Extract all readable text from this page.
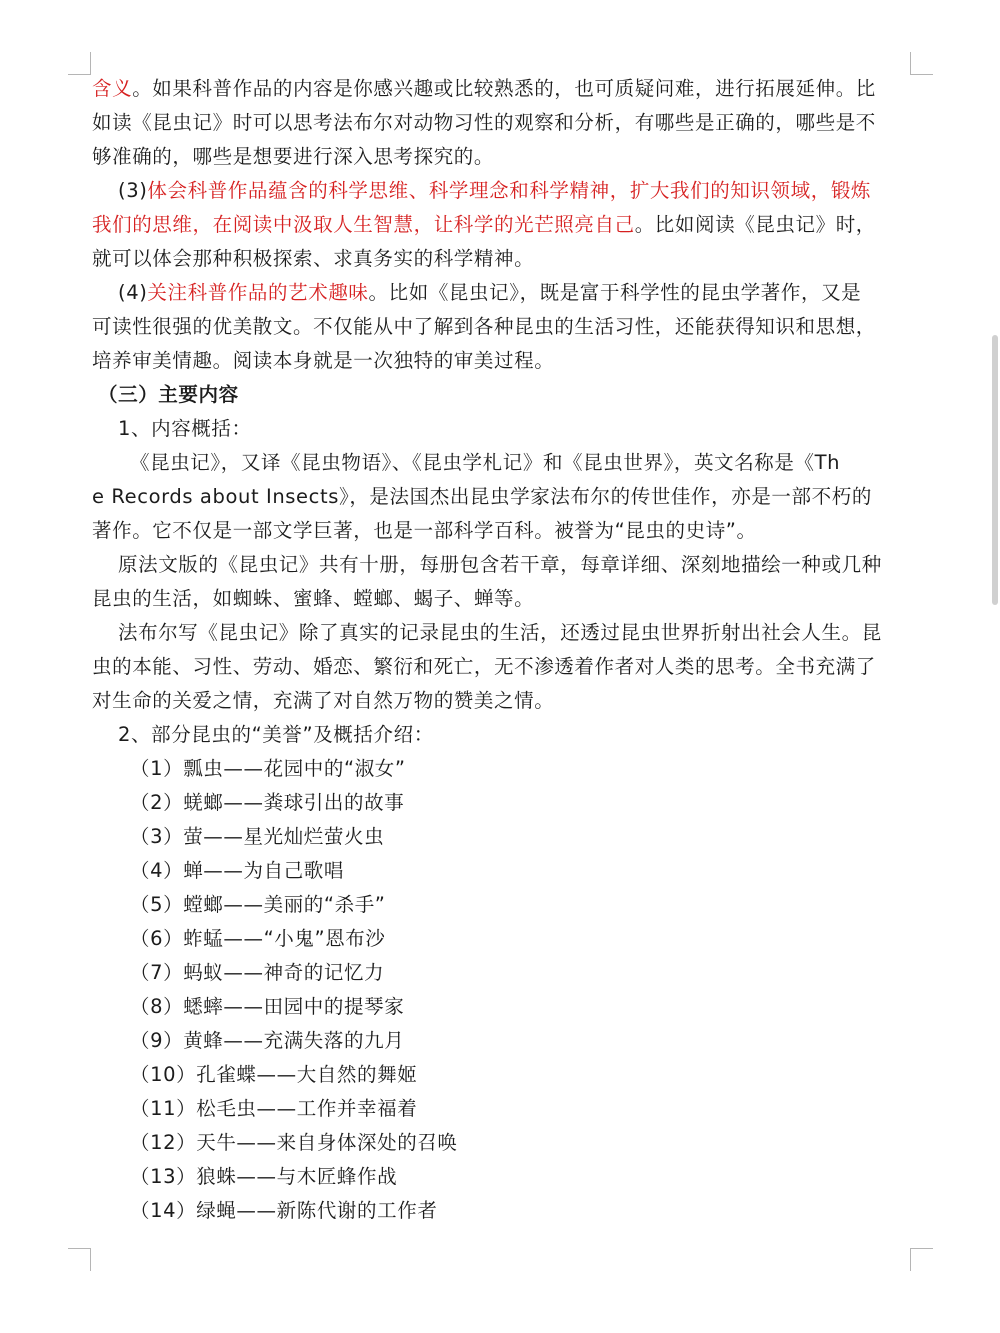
含义。如果科普作品的内容是你感兴趣或比较熟悉的，也可质疑问难，进行拓展延伸。比
如读《昆虫记》时可以思考法布尔对动物习性的观察和分析，有哪些是正确的，哪些是不
够准确的，哪些是想要进行深入思考探究的。
(3)体会科普作品蕴含的科学思维、科学理念和科学精神，扩大我们的知识领域，锻炼
我们的思维，在阅读中汲取人生智慧，让科学的光芒照亮自己。比如阅读《昆虫记》时，
就可以体会那种积极探索、求真务实的科学精神。
(4)关注科普作品的艺术趣味。比如《昆虫记》，既是富于科学性的昆虫学著作，又是
可读性很强的优美散文。不仅能从中了解到各种昆虫的生活习性，还能获得知识和思想，
培养审美情趣。阅读本身就是一次独特的审美过程。
（三）主要内容
1、内容概括：
《昆虫记》，又译《昆虫物语》、《昆虫学札记》和《昆虫世界》，英文名称是《Th
e Records about Insects》，是法国杰出昆虫学家法布尔的传世佳作，亦是一部不朽的
著作。它不仅是一部文学巨著，也是一部科学百科。被誉为“昆虫的史诗”。
原法文版的《昆虫记》共有十册，每册包含若干章，每章详细、深刻地描绘一种或几种
昆虫的生活，如蜘蛛、蜜蜂、螳螂、蝎子、蝉等。
法布尔写《昆虫记》除了真实的记录昆虫的生活，还透过昆虫世界折射出社会人生。昆
虫的本能、习性、劳动、婚恋、繁衍和死亡，无不渗透着作者对人类的思考。全书充满了
对生命的关爱之情，充满了对自然万物的赞美之情。
2、部分昆虫的“美誉”及概括介绍：
（1）瓢虫——花园中的“淑女”
（2）蜣螂——粪球引出的故事
（3）萤——星光灿烂萤火虫
（4）蝉——为自己歌唱
（5）螳螂——美丽的“杀手”
（6）蚱蜢——“小鬼”恩布沙
（7）蚂蚁——神奇的记忆力
（8）蟋蟀——田园中的提琴家
（9）黄蜂——充满失落的九月
（10）孔雀蝶——大自然的舞姬
（11）松毛虫——工作并幸福着
（12）天牛——来自身体深处的召唤
（13）狼蛛——与木匠蜂作战
（14）绿蝇——新陈代谢的工作者
